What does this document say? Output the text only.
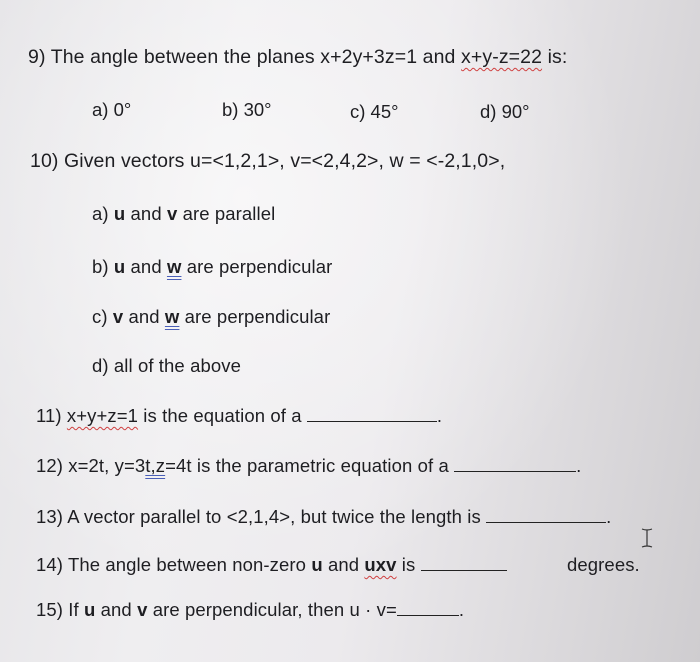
9) The angle between the planes x+2y+3z=1 and x+y-z=22 is:
a) 0°	b) 30°	c) 45°	d) 90°
10) Given vectors u=<1,2,1>, v=<2,4,2>, w = <-2,1,0>,
a) u and v are parallel
b) u and w are perpendicular
c) v and w are perpendicular
d) all of the above
11) x+y+z=1 is the equation of a	.
12) x=2t, y=3t,z=4t is the parametric equation of a	.
13) A vector parallel to <2,1,4>, but twice the length is	.
14) The angle between non-zero u and uxv is	degrees.
15) If u and v are perpendicular, then u · v=	.
